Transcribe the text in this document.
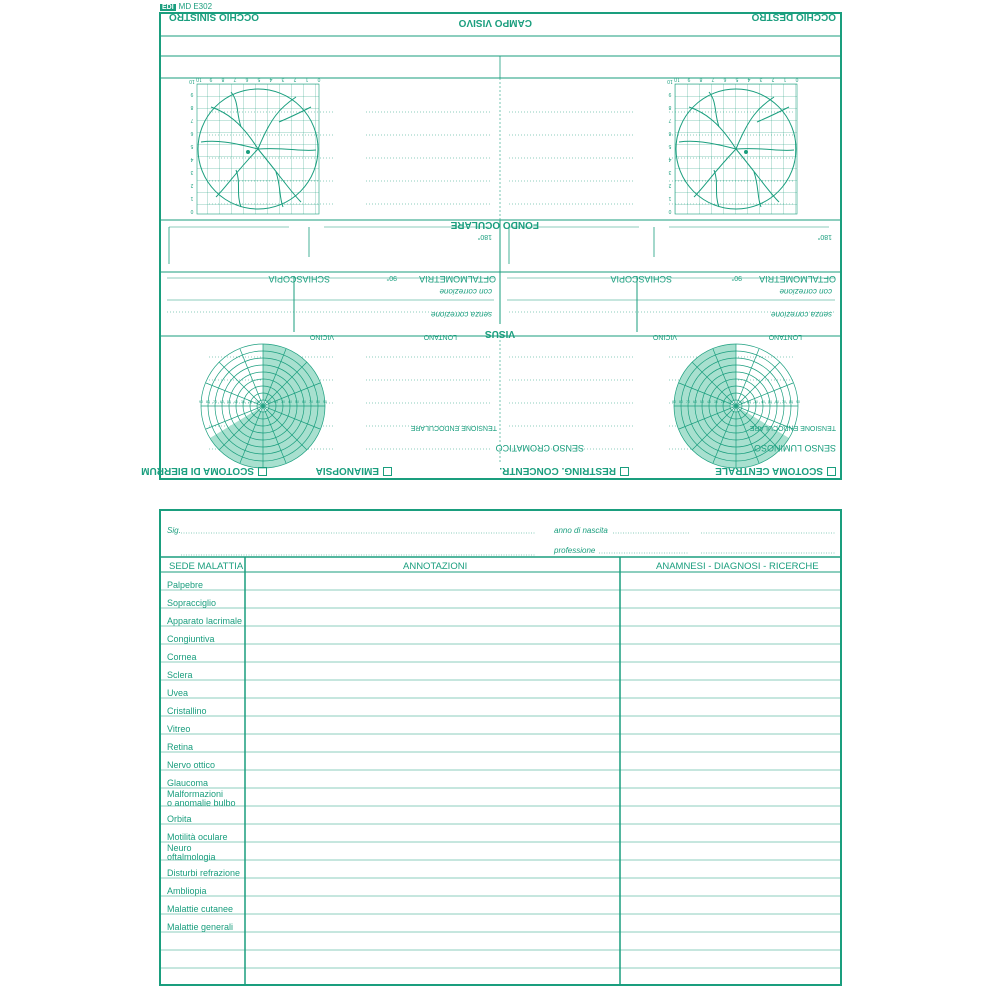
EDI MD E302
0
0
1
1
2
2
3
3
4
4
5
5
6
6
7
7
8
8
9
9
10
10
0
0
1
1
2
2
3
3
4
4
5
5
6
6
7
7
8
8
9
9
10
10
90	90
80	80
70	70
60	60
50	50
40	40
30	30
20	20
10 10
90	90
80	80
70	70
60	60
50	50
40	40
30	30
20	20
10 10
SCOTOMA CENTRALE
RESTRING. CONCENTR.
EMIANOPSIA
SCOTOMA DI BIERRUM
SENSO LUMINOSO
SENSO CROMATICO
TENSIONE ENDOCULARE
TENSIONE ENDOCULARE
FONDO OCULARE
OFTALMOMETRIA
90°
SCHIASCOPIA
180°
OFTALMOMETRIA
90°
SCHIASCOPIA
180°
senza correzione
con correzione
senza correzione
con correzione
VISUS	LONTANO
VICINO
LONTANO
VICINO
CAMPO VISIVO
OCCHIO DESTRO
OCCHIO SINISTRO
Sig.	anno di nascita
professione
SEDE MALATTIA	ANNOTAZIONI	ANAMNESI - DIAGNOSI - RICERCHE
Palpebre
Sopracciglio
Apparato lacrimale
Congiuntiva
Cornea
Sclera
Uvea
Cristallino
Vitreo
Retina
Nervo ottico
Glaucoma
Malformazioni
o anomalie bulbo
Orbita
Motilità oculare
Neuro
oftalmologia
Disturbi refrazione
Ambliopia
Malattie cutanee
Malattie generali
